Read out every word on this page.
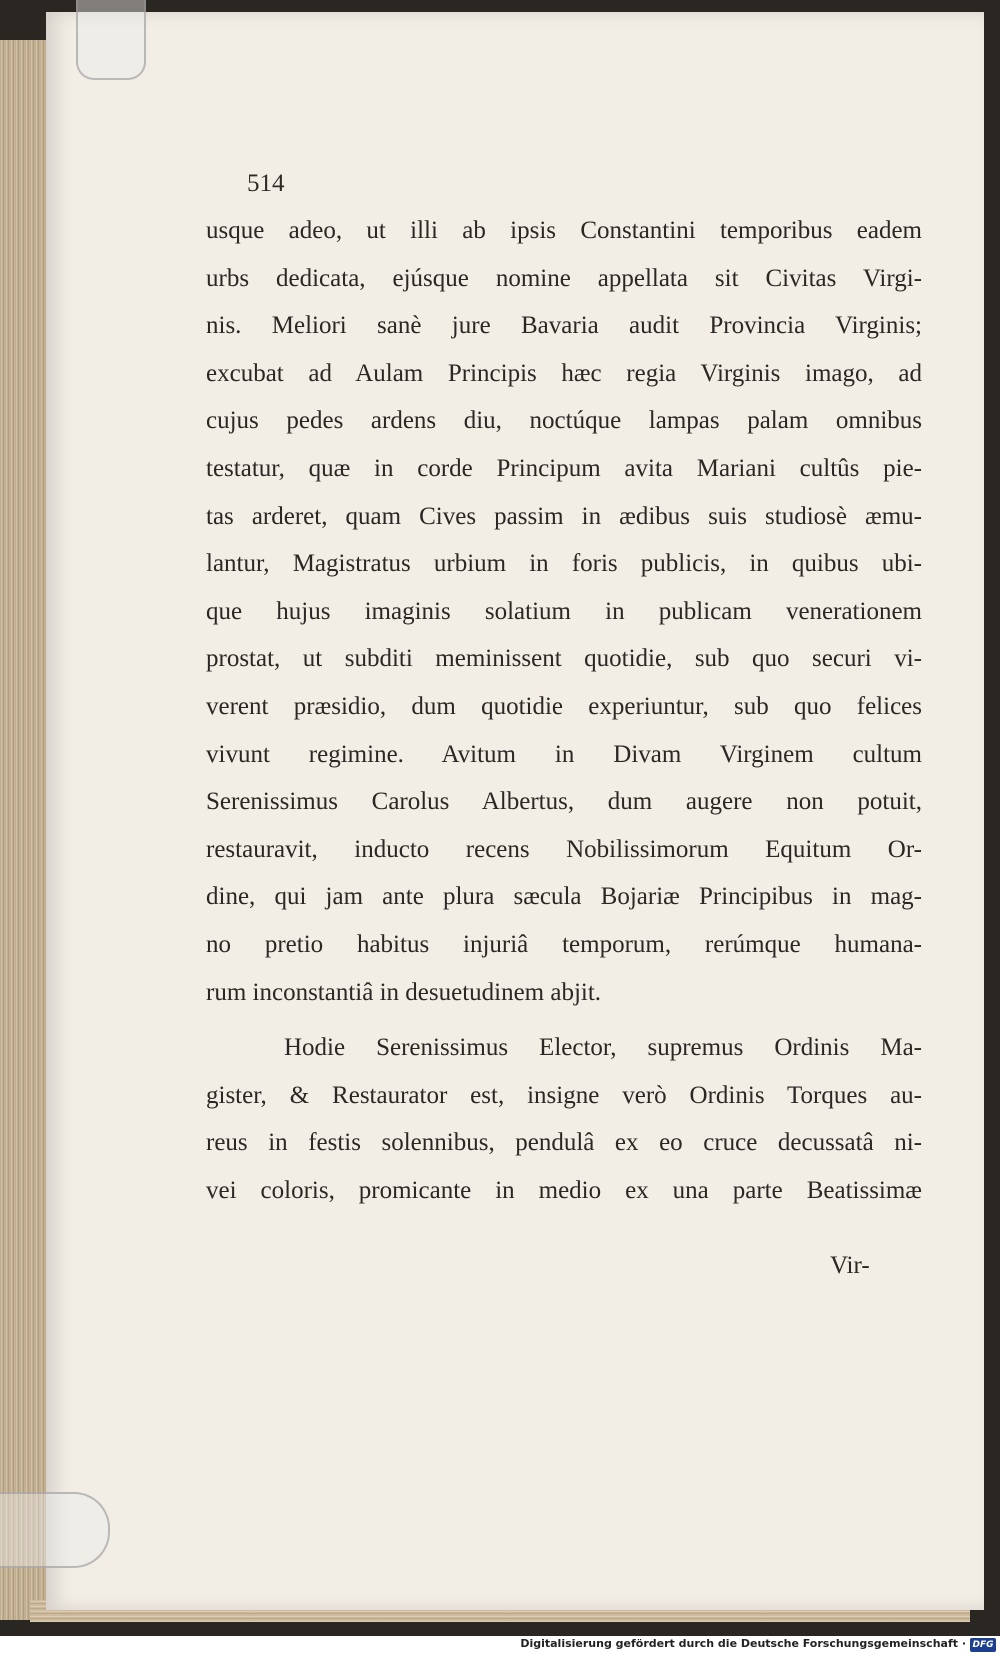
514

usque adeo, ut illi ab ipsis Constantini temporibus eadem
urbs dedicata, ejúsque nomine appellata sit Civitas Virgi-
nis. Meliori sanè jure Bavaria audit Provincia Virginis;
excubat ad Aulam Principis hæc regia Virginis imago, ad
cujus pedes ardens diu, noctúque lampas palam omnibus
testatur, quæ in corde Principum avita Mariani cultûs pie-
tas arderet, quam Cives passim in ædibus suis studiosè æmu-
lantur, Magistratus urbium in foris publicis, in quibus ubi-
que hujus imaginis solatium in publicam venerationem
prostat, ut subditi meminissent quotidie, sub quo securi vi-
verent præsidio, dum quotidie experiuntur, sub quo felices
vivunt regimine. Avitum in Divam Virginem cultum
Serenissimus Carolus Albertus, dum augere non potuit,
restauravit, inducto recens Nobilissimorum Equitum Or-
dine, qui jam ante plura sæcula Bojariæ Principibus in mag-
no pretio habitus injuriâ temporum, rerúmque humana-
rum inconstantiâ in desuetudinem abjit.
Hodie Serenissimus Elector, supremus Ordinis Ma-
gister, & Restaurator est, insigne verò Ordinis Torques au-
reus in festis solennibus, pendulâ ex eo cruce decussatâ ni-
vei coloris, promicante in medio ex una parte Beatissimæ

Vir-

Digitalisierung gefördert durch die Deutsche Forschungsgemeinschaft · DFG
